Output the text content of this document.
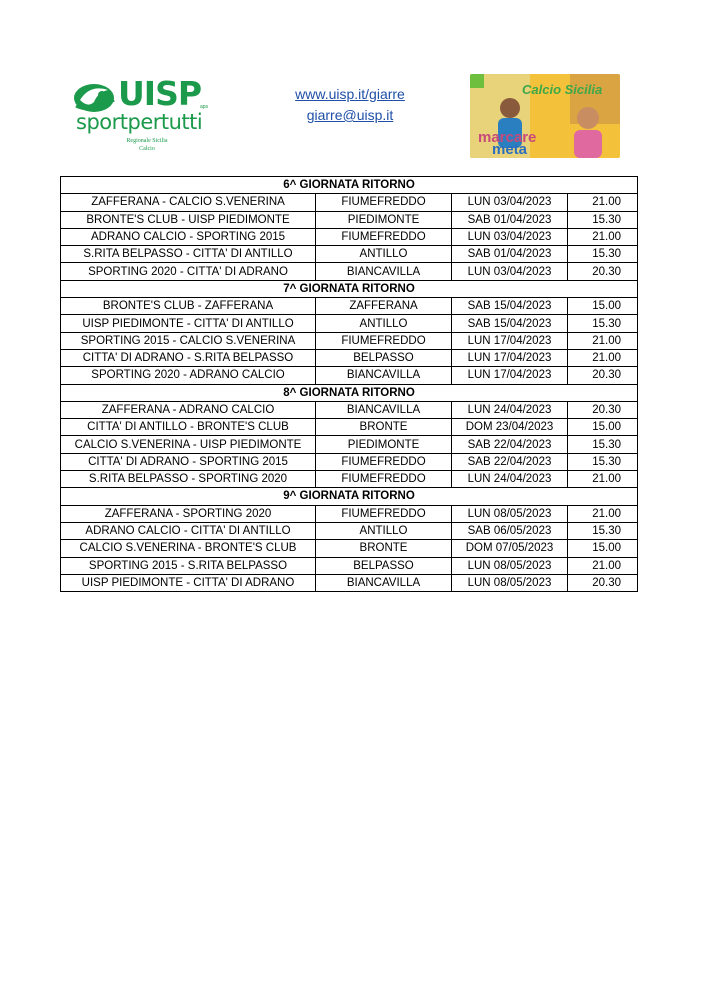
UISP
aps
sportpertutti
Regionale Sicilia
Calcio
www.uisp.it/giarre
giarre@uisp.it
Calcio Sicilia
marcare
meta
6^ GIORNATA RITORNO			
ZAFFERANA - CALCIO S.VENERINA	FIUMEFREDDO	LUN 03/04/2023	21.00
BRONTE'S CLUB - UISP PIEDIMONTE	PIEDIMONTE	SAB 01/04/2023	15.30
ADRANO CALCIO - SPORTING 2015	FIUMEFREDDO	LUN 03/04/2023	21.00
S.RITA BELPASSO - CITTA' DI ANTILLO	ANTILLO	SAB 01/04/2023	15.30
SPORTING 2020 - CITTA' DI ADRANO	BIANCAVILLA	LUN 03/04/2023	20.30
7^ GIORNATA RITORNO			
BRONTE'S CLUB - ZAFFERANA	ZAFFERANA	SAB 15/04/2023	15.00
UISP PIEDIMONTE - CITTA' DI ANTILLO	ANTILLO	SAB 15/04/2023	15.30
SPORTING 2015 - CALCIO S.VENERINA	FIUMEFREDDO	LUN 17/04/2023	21.00
CITTA' DI ADRANO - S.RITA BELPASSO	BELPASSO	LUN 17/04/2023	21.00
SPORTING 2020 - ADRANO CALCIO	BIANCAVILLA	LUN 17/04/2023	20.30
8^ GIORNATA RITORNO			
ZAFFERANA - ADRANO CALCIO	BIANCAVILLA	LUN 24/04/2023	20.30
CITTA' DI ANTILLO - BRONTE'S CLUB	BRONTE	DOM 23/04/2023	15.00
CALCIO S.VENERINA - UISP PIEDIMONTE	PIEDIMONTE	SAB 22/04/2023	15.30
CITTA' DI ADRANO - SPORTING 2015	FIUMEFREDDO	SAB 22/04/2023	15.30
S.RITA BELPASSO - SPORTING 2020	FIUMEFREDDO	LUN 24/04/2023	21.00
9^ GIORNATA RITORNO			
ZAFFERANA - SPORTING 2020	FIUMEFREDDO	LUN 08/05/2023	21.00
ADRANO CALCIO - CITTA' DI ANTILLO	ANTILLO	SAB 06/05/2023	15.30
CALCIO S.VENERINA - BRONTE'S CLUB	BRONTE	DOM 07/05/2023	15.00
SPORTING 2015 - S.RITA BELPASSO	BELPASSO	LUN 08/05/2023	21.00
UISP PIEDIMONTE - CITTA' DI ADRANO	BIANCAVILLA	LUN 08/05/2023	20.30
